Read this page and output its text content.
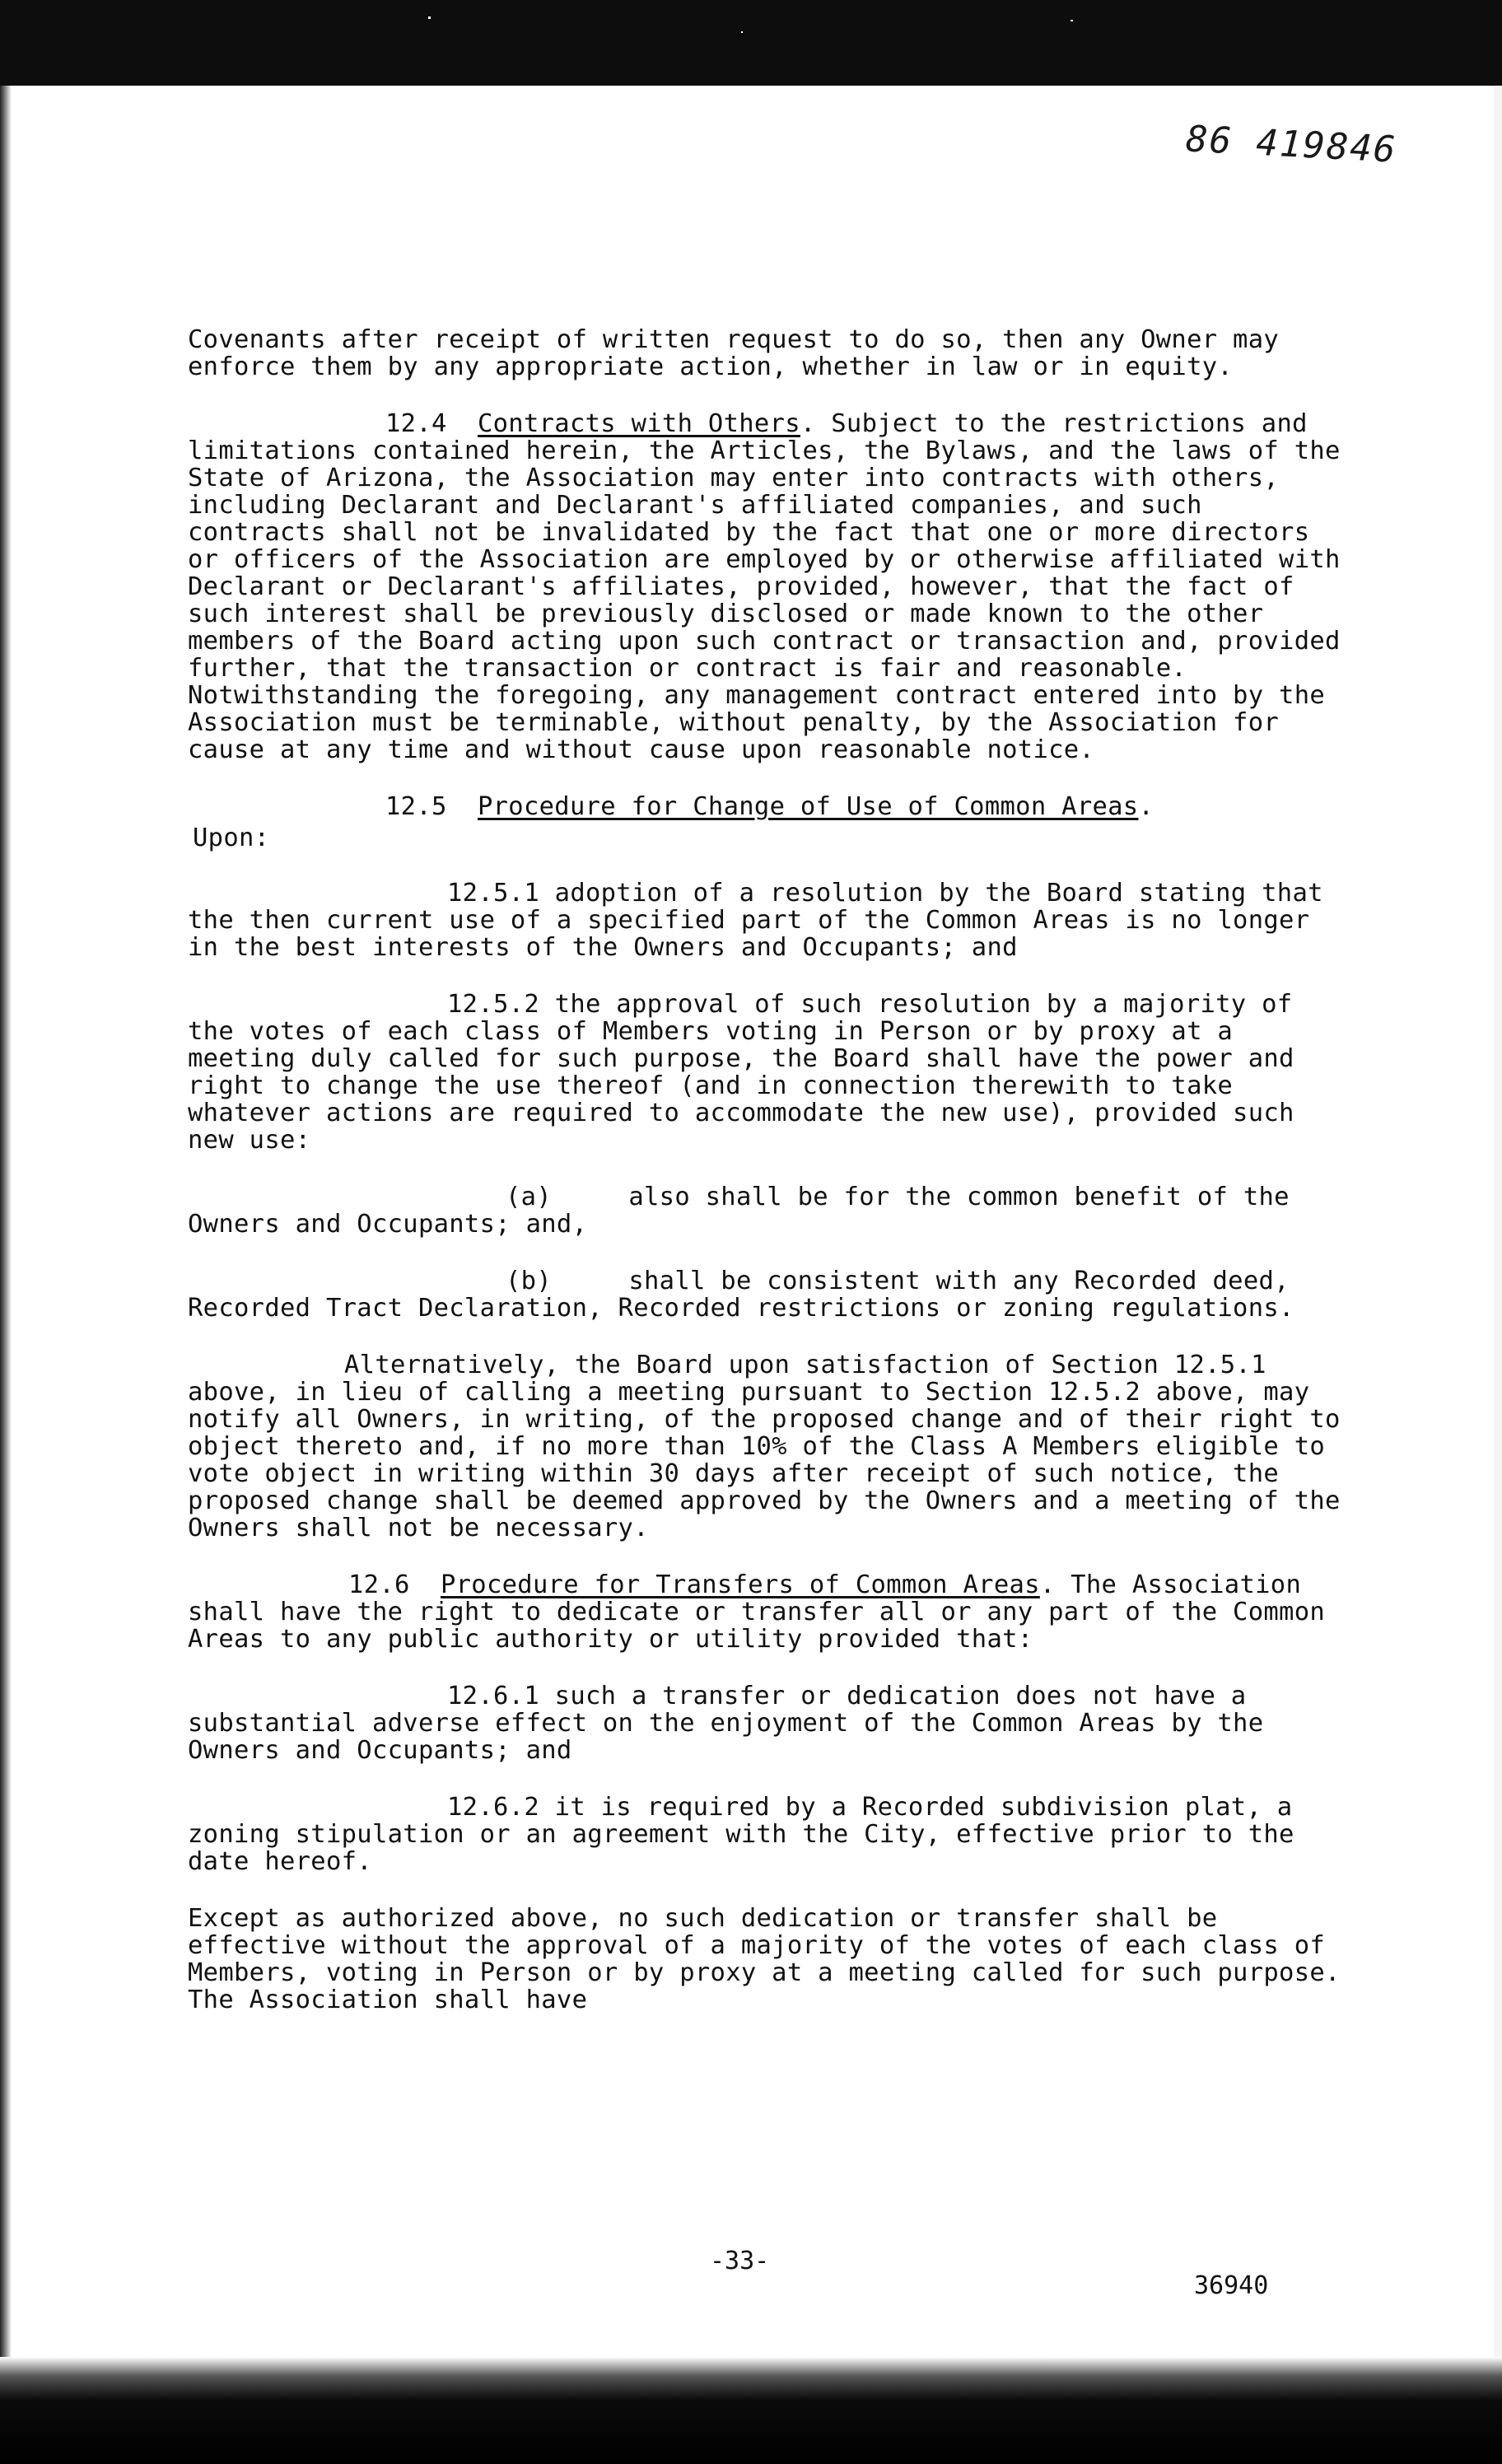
86 419846

Covenants after receipt of written request to do so, then any Owner may enforce them by any appropriate action, whether in law or in equity.

12.4 Contracts with Others. Subject to the restrictions and limitations contained herein, the Articles, the Bylaws, and the laws of the State of Arizona, the Association may enter into contracts with others, including Declarant and Declarant's affiliated companies, and such contracts shall not be invalidated by the fact that one or more directors or officers of the Association are employed by or otherwise affiliated with Declarant or Declarant's affiliates, provided, however, that the fact of such interest shall be previously disclosed or made known to the other members of the Board acting upon such contract or transaction and, provided further, that the transaction or contract is fair and reasonable. Notwithstanding the foregoing, any management contract entered into by the Association must be terminable, without penalty, by the Association for cause at any time and without cause upon reasonable notice.

12.5 Procedure for Change of Use of Common Areas.
Upon:

12.5.1 adoption of a resolution by the Board stating that the then current use of a specified part of the Common Areas is no longer in the best interests of the Owners and Occupants; and

12.5.2 the approval of such resolution by a majority of the votes of each class of Members voting in Person or by proxy at a meeting duly called for such purpose, the Board shall have the power and right to change the use thereof (and in connection therewith to take whatever actions are required to accommodate the new use), provided such new use:

(a)	also shall be for the common benefit of the Owners and Occupants; and,

(b)	shall be consistent with any Recorded deed, Recorded Tract Declaration, Recorded restrictions or zoning regulations.

Alternatively, the Board upon satisfaction of Section 12.5.1 above, in lieu of calling a meeting pursuant to Section 12.5.2 above, may notify all Owners, in writing, of the proposed change and of their right to object thereto and, if no more than 10% of the Class A Members eligible to vote object in writing within 30 days after receipt of such notice, the proposed change shall be deemed approved by the Owners and a meeting of the Owners shall not be necessary.

12.6 Procedure for Transfers of Common Areas. The Association shall have the right to dedicate or transfer all or any part of the Common Areas to any public authority or utility provided that:

12.6.1 such a transfer or dedication does not have a substantial adverse effect on the enjoyment of the Common Areas by the Owners and Occupants; and

12.6.2 it is required by a Recorded subdivision plat, a zoning stipulation or an agreement with the City, effective prior to the date hereof.

Except as authorized above, no such dedication or transfer shall be effective without the approval of a majority of the votes of each class of Members, voting in Person or by proxy at a meeting called for such purpose. The Association shall have

-33-
36940
